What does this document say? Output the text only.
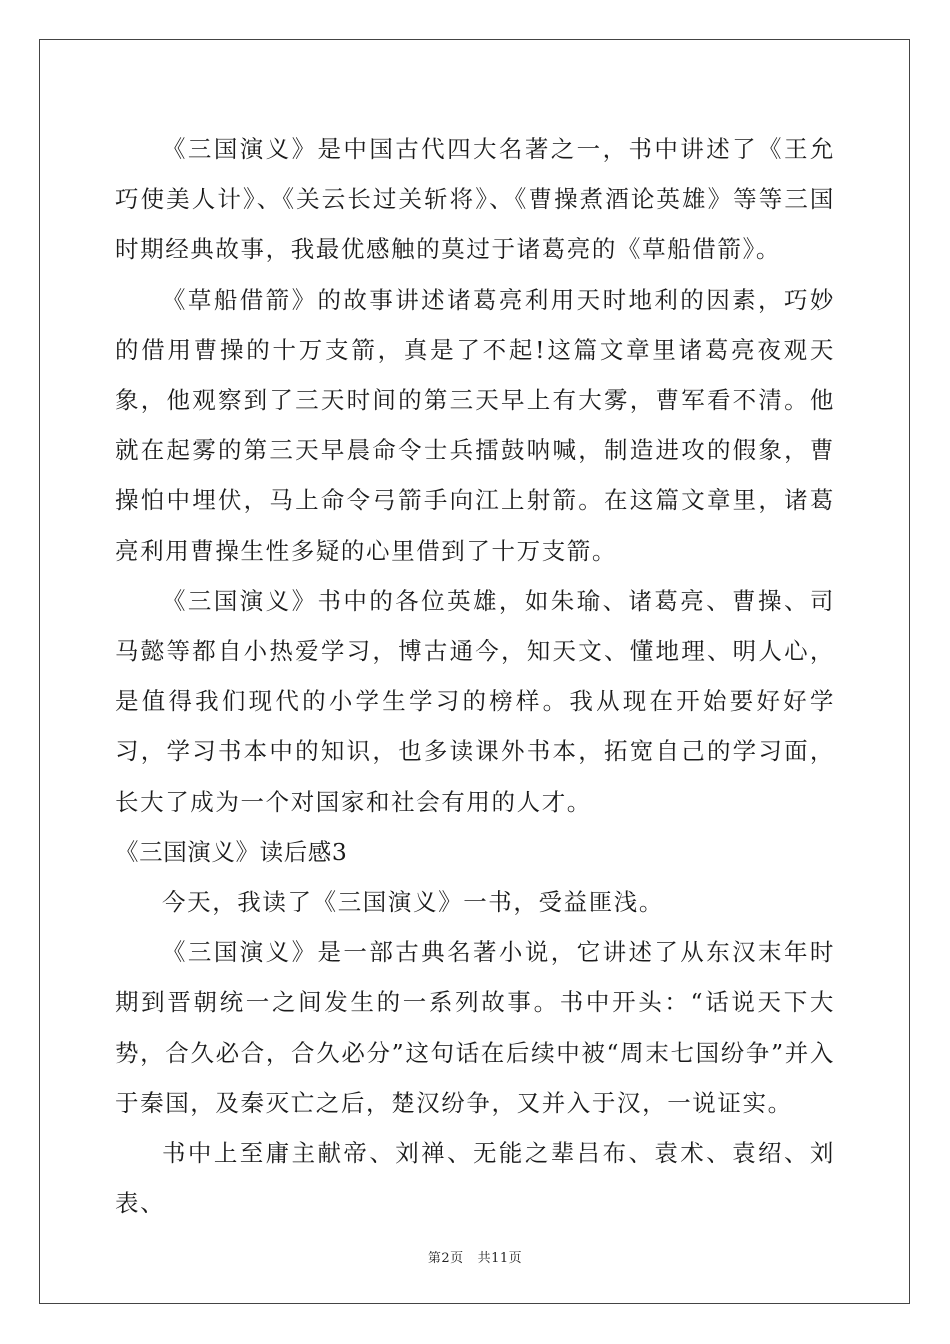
《三国演义》是中国古代四大名著之一，书中讲述了《王允巧使美人计》、《关云长过关斩将》、《曹操煮酒论英雄》等等三国时期经典故事，我最优感触的莫过于诸葛亮的《草船借箭》。

《草船借箭》的故事讲述诸葛亮利用天时地利的因素，巧妙的借用曹操的十万支箭，真是了不起!这篇文章里诸葛亮夜观天象，他观察到了三天时间的第三天早上有大雾，曹军看不清。他就在起雾的第三天早晨命令士兵擂鼓呐喊，制造进攻的假象，曹操怕中埋伏，马上命令弓箭手向江上射箭。在这篇文章里，诸葛亮利用曹操生性多疑的心里借到了十万支箭。

《三国演义》书中的各位英雄，如朱瑜、诸葛亮、曹操、司马懿等都自小热爱学习，博古通今，知天文、懂地理、明人心，是值得我们现代的小学生学习的榜样。我从现在开始要好好学习，学习书本中的知识，也多读课外书本，拓宽自己的学习面，长大了成为一个对国家和社会有用的人才。

《三国演义》读后感3

今天，我读了《三国演义》一书，受益匪浅。

《三国演义》是一部古典名著小说，它讲述了从东汉末年时期到晋朝统一之间发生的一系列故事。书中开头：“话说天下大势，合久必合，合久必分”这句话在后续中被“周末七国纷争”并入于秦国，及秦灭亡之后，楚汉纷争，又并入于汉，一说证实。

书中上至庸主献帝、刘禅、无能之辈吕布、袁术、袁绍、刘表、

第2页 共11页
